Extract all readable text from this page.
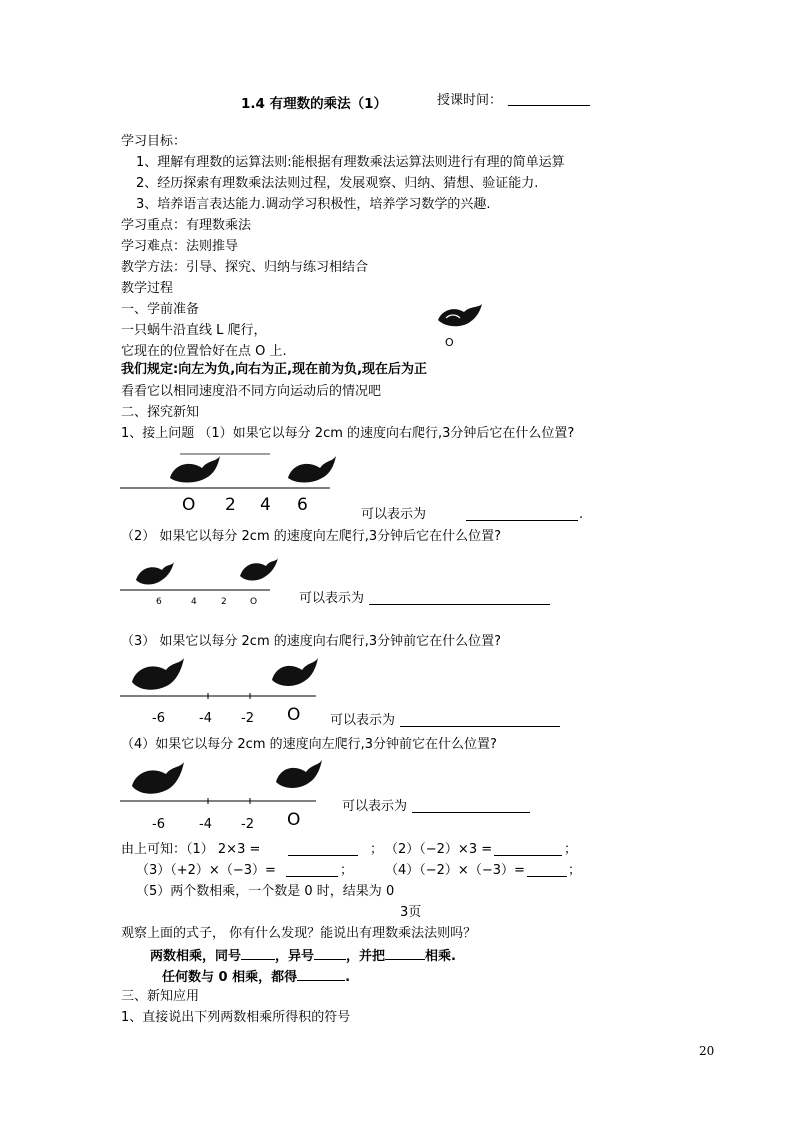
1.4 有理数的乘法（1）	授课时间：
学习目标：
1、理解有理数的运算法则:能根据有理数乘法运算法则进行有理的简单运算
2、经历探索有理数乘法法则过程，发展观察、归纳、猜想、验证能力.
3、培养语言表达能力.调动学习积极性，培养学习数学的兴趣.
学习重点：有理数乘法
学习难点：法则推导
教学方法：引导、探究、归纳与练习相结合
教学过程
一、学前准备
一只蜗牛沿直线 L 爬行，
它现在的位置恰好在点 O 上.
O
我们规定:向左为负,向右为正,现在前为负,现在后为正
看看它以相同速度沿不同方向运动后的情况吧
二、探究新知
1、接上问题 （1）如果它以每分 2cm 的速度向右爬行,3分钟后它在什么位置?
O 2 4 6	可以表示为	.
（2） 如果它以每分 2cm 的速度向左爬行,3分钟后它在什么位置?
6	4	2	O	可以表示为
（3） 如果它以每分 2cm 的速度向右爬行,3分钟前它在什么位置?
-6	-4 -2 O 可以表示为
（4）如果它以每分 2cm 的速度向左爬行,3分钟前它在什么位置?
-6	-4 -2 O
可以表示为
由上可知：（1） 2×3 =	； （2）（−2）×3 =	；
（3）（+2）×（−3）=	； （4）（−2）×（−3）=	；
（5）两个数相乘，一个数是 0 时，结果为 0
3页
观察上面的式子， 你有什么发现？能说出有理数乘法法则吗？
两数相乘，同号	，异号 ，并把	相乘.
任何数与 0 相乘，都得	.
三、新知应用
1、直接说出下列两数相乘所得积的符号
20
